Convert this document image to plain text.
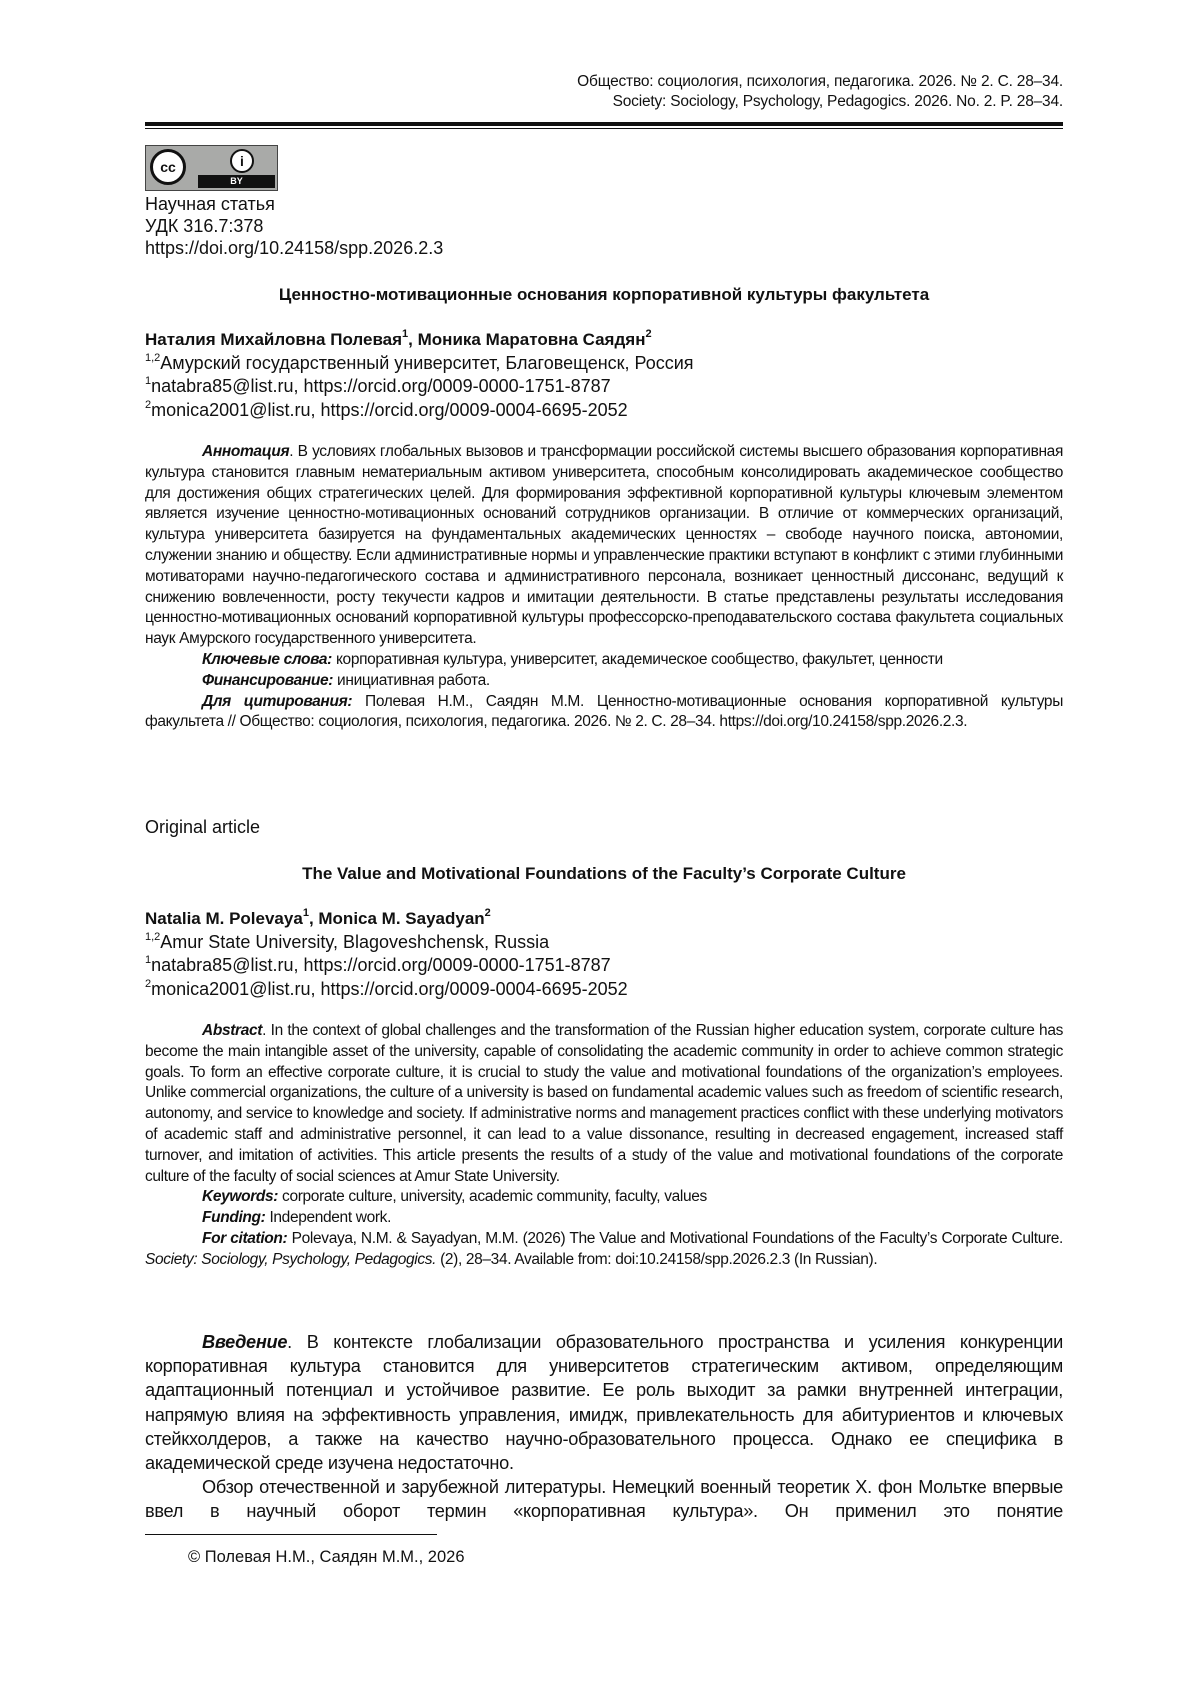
Общество: социология, психология, педагогика. 2026. № 2. С. 28–34.
Society: Sociology, Psychology, Pedagogics. 2026. No. 2. P. 28–34.
cc	i
BY
Научная статья
УДК 316.7:378
https://doi.org/10.24158/spp.2026.2.3
Ценностно-мотивационные основания корпоративной культуры факультета
Наталия Михайловна Полевая$^1$, Моника Маратовна Саядян$^2$
$^{1,2}$Амурский государственный университет, Благовещенск, Россия
$^1$natabra85@list.ru, https://orcid.org/0009-0000-1751-8787
$^2$monica2001@list.ru, https://orcid.org/0009-0004-6695-2052

Аннотация. В условиях глобальных вызовов и трансформации российской системы высшего образования корпоративная культура становится главным нематериальным активом университета, способным консолидировать академическое сообщество для достижения общих стратегических целей. Для формирования эффективной корпоративной культуры ключевым элементом является изучение ценностно-мотивационных оснований сотрудников организации. В отличие от коммерческих организаций, культура университета базируется на фундаментальных академических ценностях – свободе научного поиска, автономии, служении знанию и обществу. Если административные нормы и управленческие практики вступают в конфликт с этими глубинными мотиваторами научно-педагогического состава и административного персонала, возникает ценностный диссонанс, ведущий к снижению вовлеченности, росту текучести кадров и имитации деятельности. В статье представлены результаты исследования ценностно-мотивационных оснований корпоративной культуры профессорско-преподавательского состава факультета социальных наук Амурского государственного университета.

Ключевые слова: корпоративная культура, университет, академическое сообщество, факультет, ценности

Финансирование: инициативная работа.

Для цитирования: Полевая Н.М., Саядян М.М. Ценностно-мотивационные основания корпоративной культуры факультета // Общество: социология, психология, педагогика. 2026. № 2. С. 28–34. https://doi.org/10.24158/spp.2026.2.3.

Original article
The Value and Motivational Foundations of the Faculty’s Corporate Culture
Natalia M. Polevaya$^1$, Monica M. Sayadyan$^2$
$^{1,2}$Amur State University, Blagoveshchensk, Russia
$^1$natabra85@list.ru, https://orcid.org/0009-0000-1751-8787
$^2$monica2001@list.ru, https://orcid.org/0009-0004-6695-2052

Abstract. In the context of global challenges and the transformation of the Russian higher education system, corporate culture has become the main intangible asset of the university, capable of consolidating the academic community in order to achieve common strategic goals. To form an effective corporate culture, it is crucial to study the value and motivational foundations of the organization’s employees. Unlike commercial organizations, the culture of a university is based on fundamental academic values such as freedom of scientific research, autonomy, and service to knowledge and society. If administrative norms and management practices conflict with these underlying motivators of academic staff and administrative personnel, it can lead to a value dissonance, resulting in decreased engagement, increased staff turnover, and imitation of activities. This article presents the results of a study of the value and motivational foundations of the corporate culture of the faculty of social sciences at Amur State University.

Keywords: corporate culture, university, academic community, faculty, values

Funding: Independent work.

For citation: Polevaya, N.M. & Sayadyan, M.M. (2026) The Value and Motivational Foundations of the Faculty’s Corporate Culture. Society: Sociology, Psychology, Pedagogics. (2), 28–34. Available from: doi:10.24158/spp.2026.2.3 (In Russian).

Введение. В контексте глобализации образовательного пространства и усиления конкуренции корпоративная культура становится для университетов стратегическим активом, определяющим адаптационный потенциал и устойчивое развитие. Ее роль выходит за рамки внутренней интеграции, напрямую влияя на эффективность управления, имидж, привлекательность для абитуриентов и ключевых стейкхолдеров, а также на качество научно-образовательного процесса. Однако ее специфика в академической среде изучена недостаточно.

Обзор отечественной и зарубежной литературы. Немецкий военный теоретик Х. фон Мольтке впервые ввел в научный оборот термин «корпоративная культура». Он применил это понятие

© Полевая Н.М., Саядян М.М., 2026
